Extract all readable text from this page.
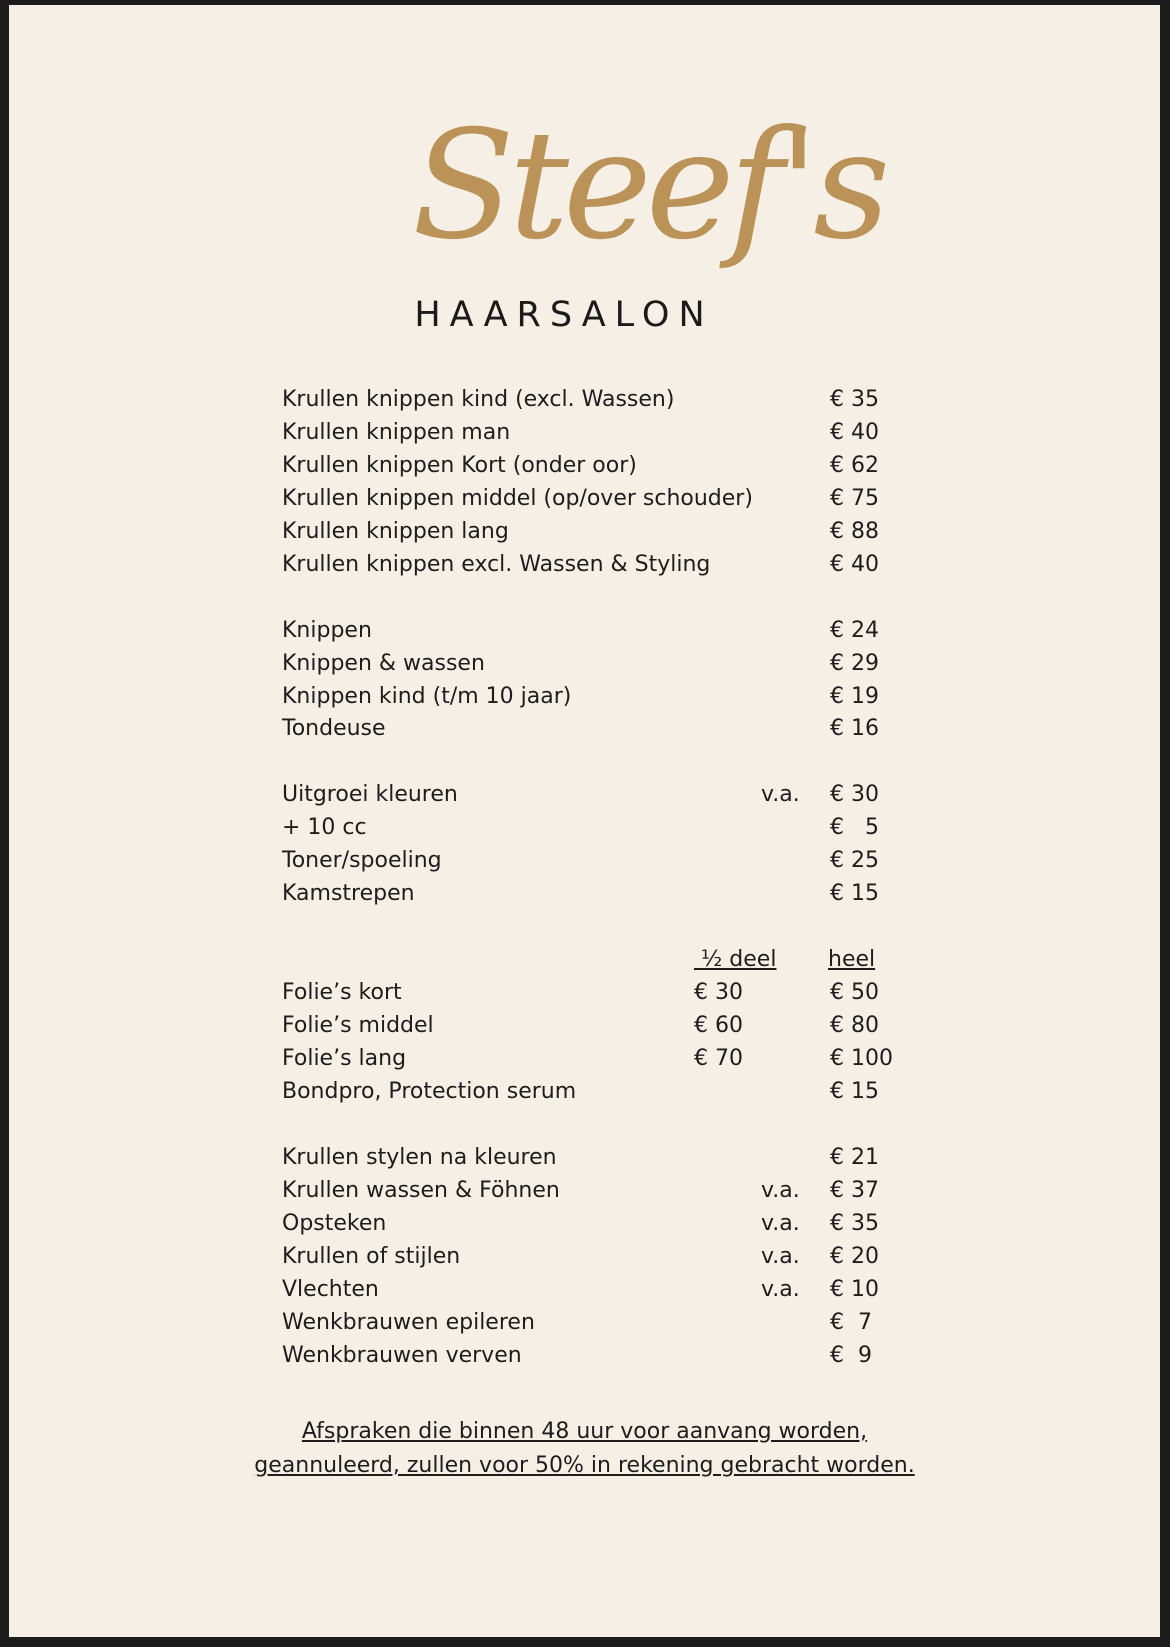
Steef's
HAARSALON
Krullen knippen kind (excl. Wassen)	€ 35
Krullen knippen man	€ 40
Krullen knippen Kort (onder oor)	€ 62
Krullen knippen middel (op/over schouder)	€ 75
Krullen knippen lang	€ 88
Krullen knippen excl. Wassen & Styling	€ 40
Knippen	€ 24
Knippen & wassen	€ 29
Knippen kind (t/m 10 jaar)	€ 19
Tondeuse	€ 16
Uitgroei kleuren	v.a. € 30
+ 10 cc	€   5
Toner/spoeling	€ 25
Kamstrepen	€ 15
½ deel heel
Folie’s kort	€ 30	€ 50
Folie’s middel	€ 60	€ 80
Folie’s lang	€ 70	€ 100
Bondpro, Protection serum	€ 15
Krullen stylen na kleuren	€ 21
Krullen wassen & Föhnen	v.a. € 37
Opsteken	v.a. € 35
Krullen of stijlen	v.a. € 20
Vlechten	v.a. € 10
Wenkbrauwen epileren	€  7
Wenkbrauwen verven	€  9
Afspraken die binnen 48 uur voor aanvang worden,
geannuleerd, zullen voor 50% in rekening gebracht worden.
